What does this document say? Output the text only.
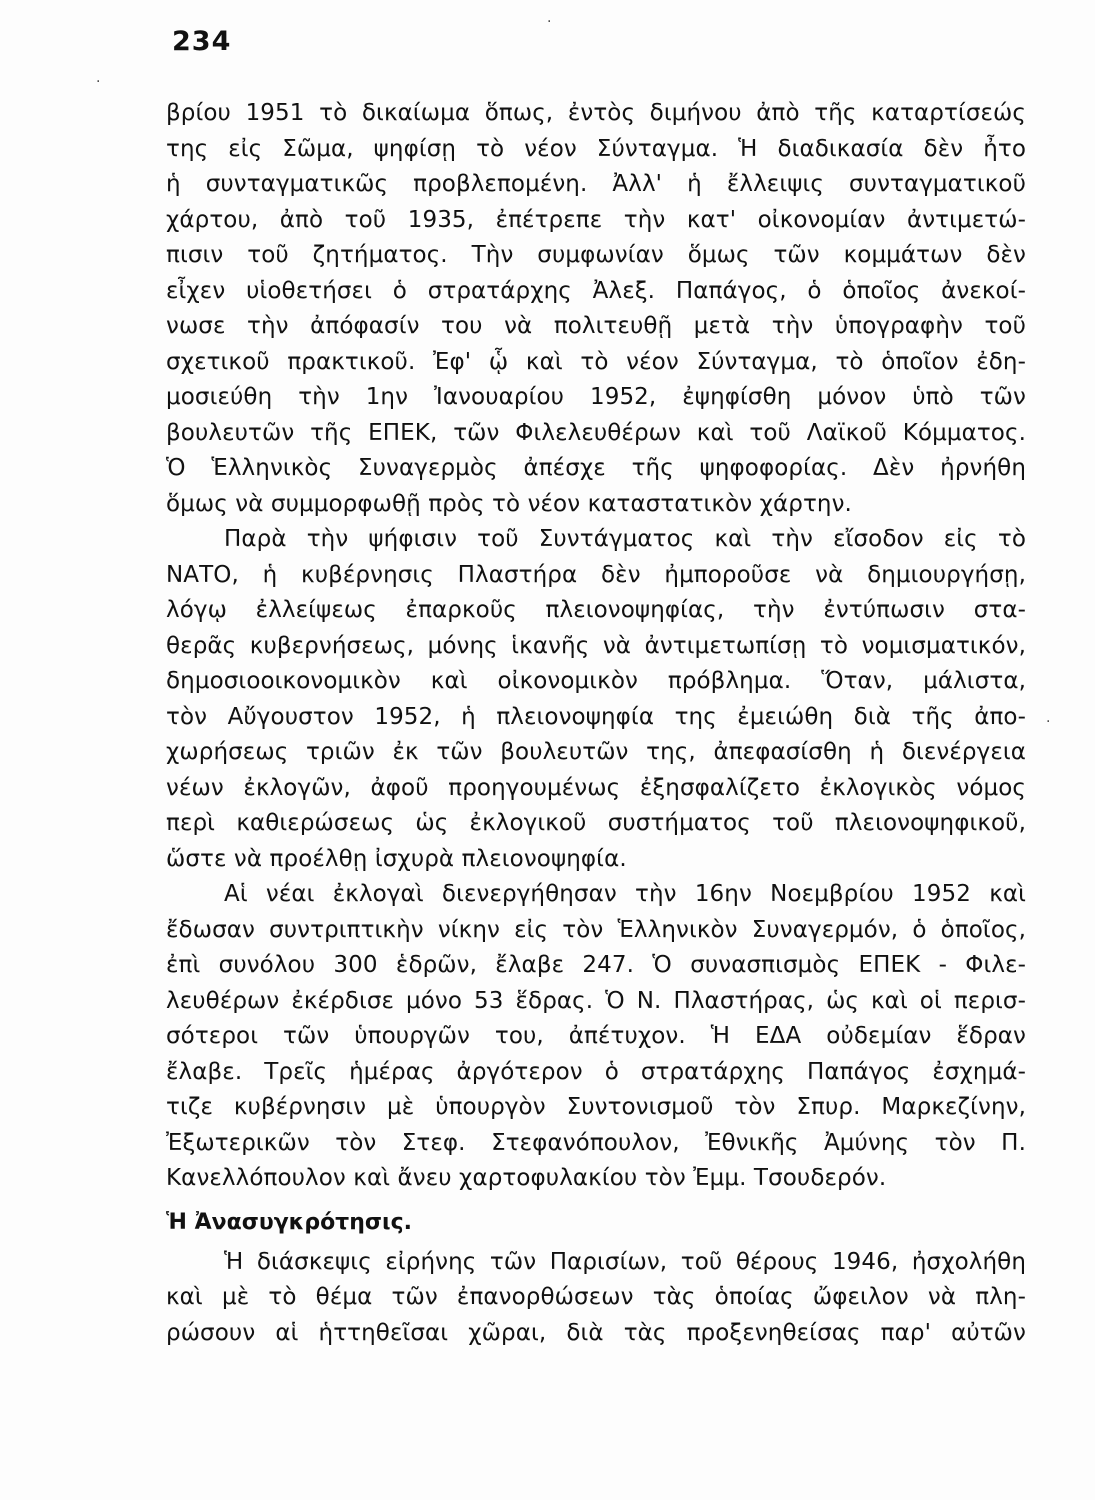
234
·
·
·
βρίου 1951 τὸ δικαίωμα ὅπως, ἐντὸς διμήνου ἀπὸ τῆς καταρτίσεώς
της εἰς Σῶμα, ψηφίσῃ τὸ νέον Σύνταγμα. Ἡ διαδικασία δὲν ἦτο
ἡ συνταγματικῶς προβλεπομένη. Ἀλλ' ἡ ἔλλειψις συνταγματικοῦ
χάρτου, ἀπὸ τοῦ 1935, ἐπέτρεπε τὴν κατ' οἰκονομίαν ἀντιμετώ-
πισιν τοῦ ζητήματος. Τὴν συμφωνίαν ὅμως τῶν κομμάτων δὲν
εἶχεν υἱοθετήσει ὁ στρατάρχης Ἀλεξ. Παπάγος, ὁ ὁποῖος ἀνεκοί-
νωσε τὴν ἀπόφασίν του νὰ πολιτευθῇ μετὰ τὴν ὑπογραφὴν τοῦ
σχετικοῦ πρακτικοῦ. Ἐφ' ᾧ καὶ τὸ νέον Σύνταγμα, τὸ ὁποῖον ἐδη-
μοσιεύθη τὴν 1ην Ἰανουαρίου 1952, ἐψηφίσθη μόνον ὑπὸ τῶν
βουλευτῶν τῆς ΕΠΕΚ, τῶν Φιλελευθέρων καὶ τοῦ Λαϊκοῦ Κόμματος.
Ὁ Ἑλληνικὸς Συναγερμὸς ἀπέσχε τῆς ψηφοφορίας. Δὲν ἠρνήθη
ὅμως νὰ συμμορφωθῇ πρὸς τὸ νέον καταστατικὸν χάρτην.
Παρὰ τὴν ψήφισιν τοῦ Συντάγματος καὶ τὴν εἴσοδον εἰς τὸ
ΝΑΤΟ, ἡ κυβέρνησις Πλαστήρα δὲν ἠμποροῦσε νὰ δημιουργήσῃ,
λόγῳ ἐλλείψεως ἐπαρκοῦς πλειονοψηφίας, τὴν ἐντύπωσιν στα-
θερᾶς κυβερνήσεως, μόνης ἱκανῆς νὰ ἀντιμετωπίσῃ τὸ νομισματικόν,
δημοσιοοικονομικὸν καὶ οἰκονομικὸν πρόβλημα. Ὅταν, μάλιστα,
τὸν Αὔγουστον 1952, ἡ πλειονοψηφία της ἐμειώθη διὰ τῆς ἀπο-
χωρήσεως τριῶν ἐκ τῶν βουλευτῶν της, ἀπεφασίσθη ἡ διενέργεια
νέων ἐκλογῶν, ἀφοῦ προηγουμένως ἐξησφαλίζετο ἐκλογικὸς νόμος
περὶ καθιερώσεως ὡς ἐκλογικοῦ συστήματος τοῦ πλειονοψηφικοῦ,
ὥστε νὰ προέλθῃ ἰσχυρὰ πλειονοψηφία.
Αἱ νέαι ἐκλογαὶ διενεργήθησαν τὴν 16ην Νοεμβρίου 1952 καὶ
ἔδωσαν συντριπτικὴν νίκην εἰς τὸν Ἑλληνικὸν Συναγερμόν, ὁ ὁποῖος,
ἐπὶ συνόλου 300 ἑδρῶν, ἔλαβε 247. Ὁ συνασπισμὸς ΕΠΕΚ - Φιλε-
λευθέρων ἐκέρδισε μόνο 53 ἕδρας. Ὁ Ν. Πλαστήρας, ὡς καὶ οἱ περισ-
σότεροι τῶν ὑπουργῶν του, ἀπέτυχον. Ἡ ΕΔΑ οὐδεμίαν ἕδραν
ἔλαβε. Τρεῖς ἡμέρας ἀργότερον ὁ στρατάρχης Παπάγος ἐσχημά-
τιζε κυβέρνησιν μὲ ὑπουργὸν Συντονισμοῦ τὸν Σπυρ. Μαρκεζίνην,
Ἐξωτερικῶν τὸν Στεφ. Στεφανόπουλον, Ἐθνικῆς Ἀμύνης τὸν Π.
Κανελλόπουλον καὶ ἄνευ χαρτοφυλακίου τὸν Ἐμμ. Τσουδερόν.
Ἡ Ἀνασυγκρότησις.
Ἡ διάσκεψις εἰρήνης τῶν Παρισίων, τοῦ θέρους 1946, ἠσχολήθη
καὶ μὲ τὸ θέμα τῶν ἐπανορθώσεων τὰς ὁποίας ὤφειλον νὰ πλη-
ρώσουν αἱ ἡττηθεῖσαι χῶραι, διὰ τὰς προξενηθείσας παρ' αὐτῶν
